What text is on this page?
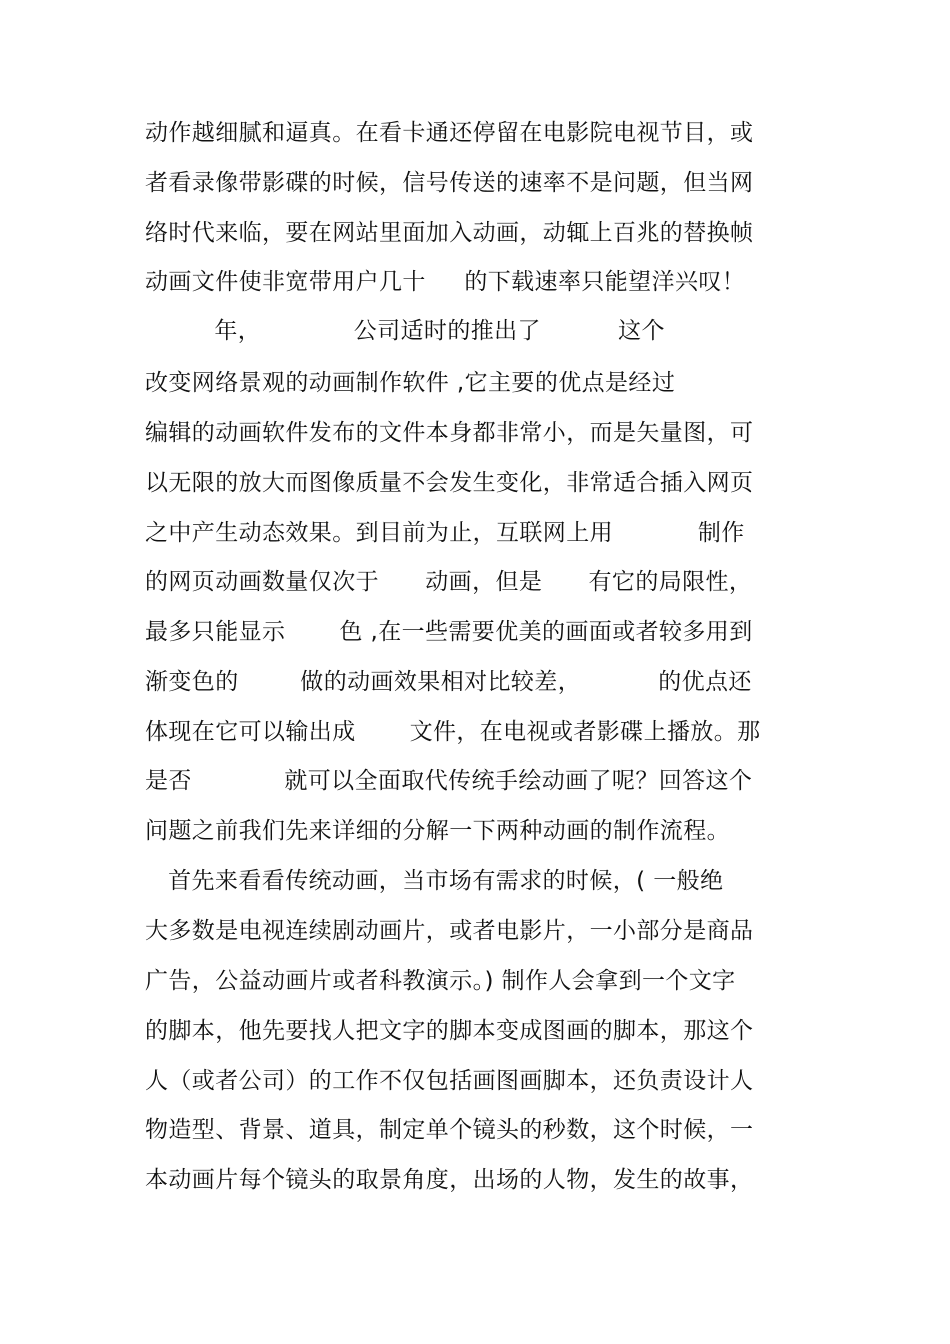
动作越细腻和逼真。在看卡通还停留在电影院电视节目，或
者看录像带影碟的时候，信号传送的速率不是问题，但当网
络时代来临，要在网站里面加入动画，动辄上百兆的替换帧
动画文件使非宽带用户几十     的下载速率只能望洋兴叹！
年，            公司适时的推出了          这个
改变网络景观的动画制作软件 ,它主要的优点是经过
编辑的动画软件发布的文件本身都非常小，而是矢量图，可
以无限的放大而图像质量不会发生变化，非常适合插入网页
之中产生动态效果。到目前为止，互联网上用           制作
的网页动画数量仅次于      动画，但是      有它的局限性，
最多只能显示       色 ,在一些需要优美的画面或者较多用到
渐变色的        做的动画效果相对比较差，          的优点还
体现在它可以输出成       文件，在电视或者影碟上播放。那
是否            就可以全面取代传统手绘动画了呢？回答这个
问题之前我们先来详细的分解一下两种动画的制作流程。
首先来看看传统动画，当市场有需求的时候，( 一般绝
大多数是电视连续剧动画片，或者电影片，一小部分是商品
广告，公益动画片或者科教演示。) 制作人会拿到一个文字
的脚本，他先要找人把文字的脚本变成图画的脚本，那这个
人（或者公司）的工作不仅包括画图画脚本，还负责设计人
物造型、背景、道具，制定单个镜头的秒数，这个时候，一
本动画片每个镜头的取景角度，出场的人物，发生的故事，
